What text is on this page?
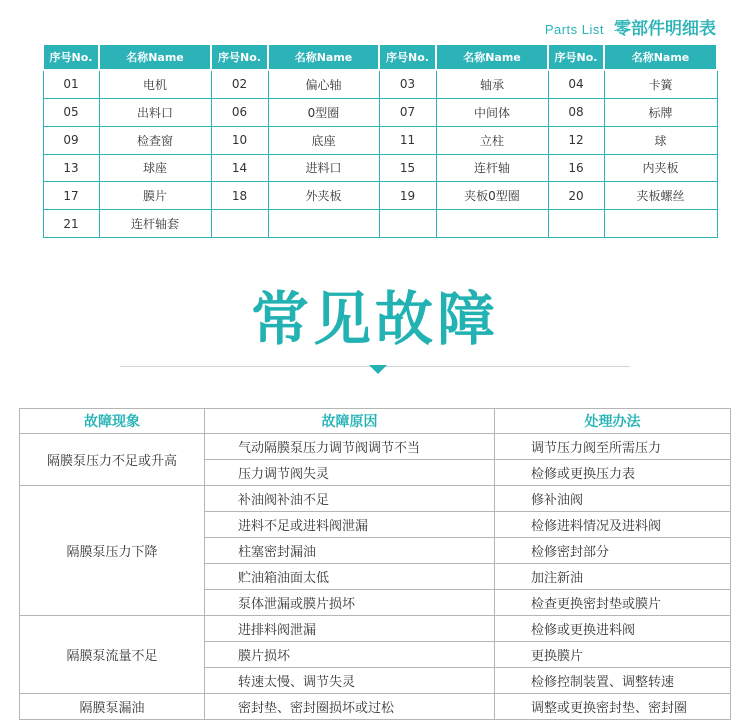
Parts List 零部件明细表
序号No.	名称Name	序号No.	名称Name	序号No.	名称Name	序号No.	名称Name
01	电机	02	偏心轴	03	轴承	04	卡簧
05	出料口	06	0型圈	07	中间体	08	标牌
09	检查窗	10	底座	11	立柱	12	球
13	球座	14	进料口	15	连杆轴	16	内夹板
17	膜片	18	外夹板	19	夹板0型圈	20	夹板螺丝
21	连杆轴套						
常见故障
故障现象	故障原因	处理办法
隔膜泵压力不足或升高	气动隔膜泵压力调节阀调节不当	调节压力阀至所需压力
	压力调节阀失灵	检修或更换压力表
隔膜泵压力下降	补油阀补油不足	修补油阀
	进料不足或进料阀泄漏	检修进料情况及进料阀
	柱塞密封漏油	检修密封部分
	贮油箱油面太低	加注新油
	泵体泄漏或膜片损坏	检查更换密封垫或膜片
隔膜泵流量不足	进排料阀泄漏	检修或更换进料阀
	膜片损坏	更换膜片
	转速太慢、调节失灵	检修控制装置、调整转速
隔膜泵漏油	密封垫、密封圈损坏或过松	调整或更换密封垫、密封圈
